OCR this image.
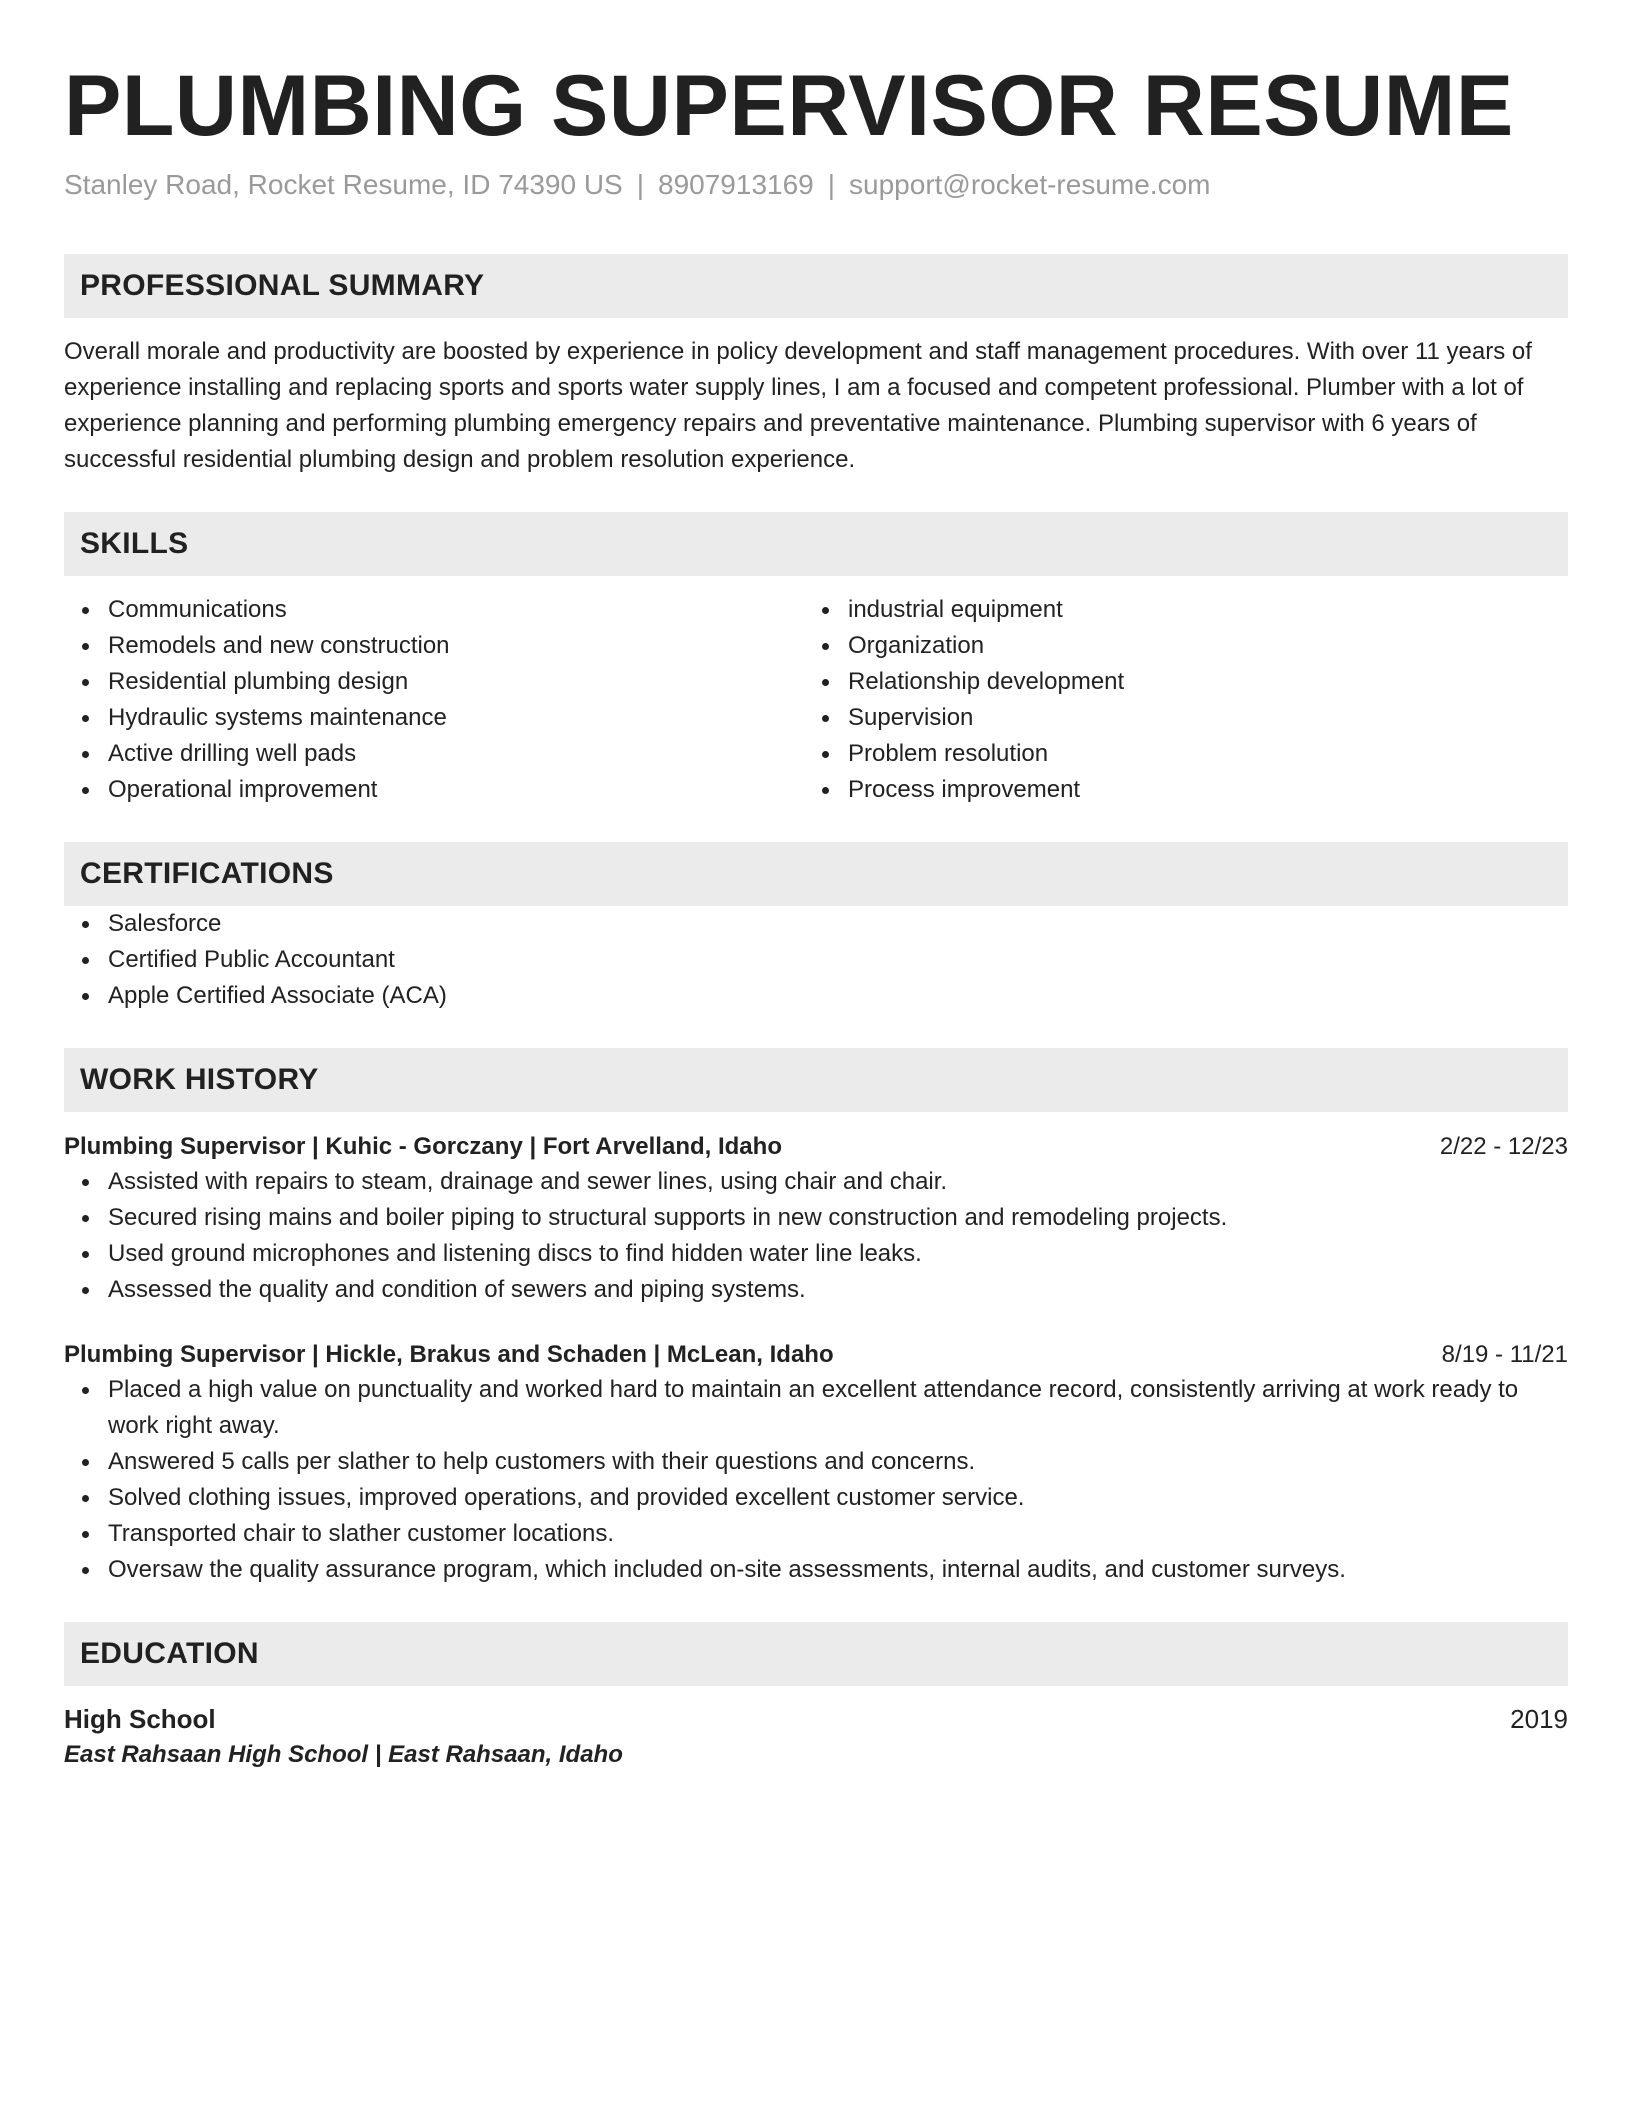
PLUMBING SUPERVISOR RESUME
Stanley Road, Rocket Resume, ID 74390 US | 8907913169 | support@rocket-resume.com
PROFESSIONAL SUMMARY
Overall morale and productivity are boosted by experience in policy development and staff management procedures. With over 11 years of experience installing and replacing sports and sports water supply lines, I am a focused and competent professional. Plumber with a lot of experience planning and performing plumbing emergency repairs and preventative maintenance. Plumbing supervisor with 6 years of successful residential plumbing design and problem resolution experience.
SKILLS
Communications
Remodels and new construction
Residential plumbing design
Hydraulic systems maintenance
Active drilling well pads
Operational improvement
industrial equipment
Organization
Relationship development
Supervision
Problem resolution
Process improvement
CERTIFICATIONS
Salesforce
Certified Public Accountant
Apple Certified Associate (ACA)
WORK HISTORY
Plumbing Supervisor | Kuhic - Gorczany | Fort Arvelland, Idaho	2/22 - 12/23
Assisted with repairs to steam, drainage and sewer lines, using chair and chair.
Secured rising mains and boiler piping to structural supports in new construction and remodeling projects.
Used ground microphones and listening discs to find hidden water line leaks.
Assessed the quality and condition of sewers and piping systems.
Plumbing Supervisor | Hickle, Brakus and Schaden | McLean, Idaho	8/19 - 11/21
Placed a high value on punctuality and worked hard to maintain an excellent attendance record, consistently arriving at work ready to work right away.
Answered 5 calls per slather to help customers with their questions and concerns.
Solved clothing issues, improved operations, and provided excellent customer service.
Transported chair to slather customer locations.
Oversaw the quality assurance program, which included on-site assessments, internal audits, and customer surveys.
EDUCATION
High School	2019
East Rahsaan High School | East Rahsaan, Idaho
